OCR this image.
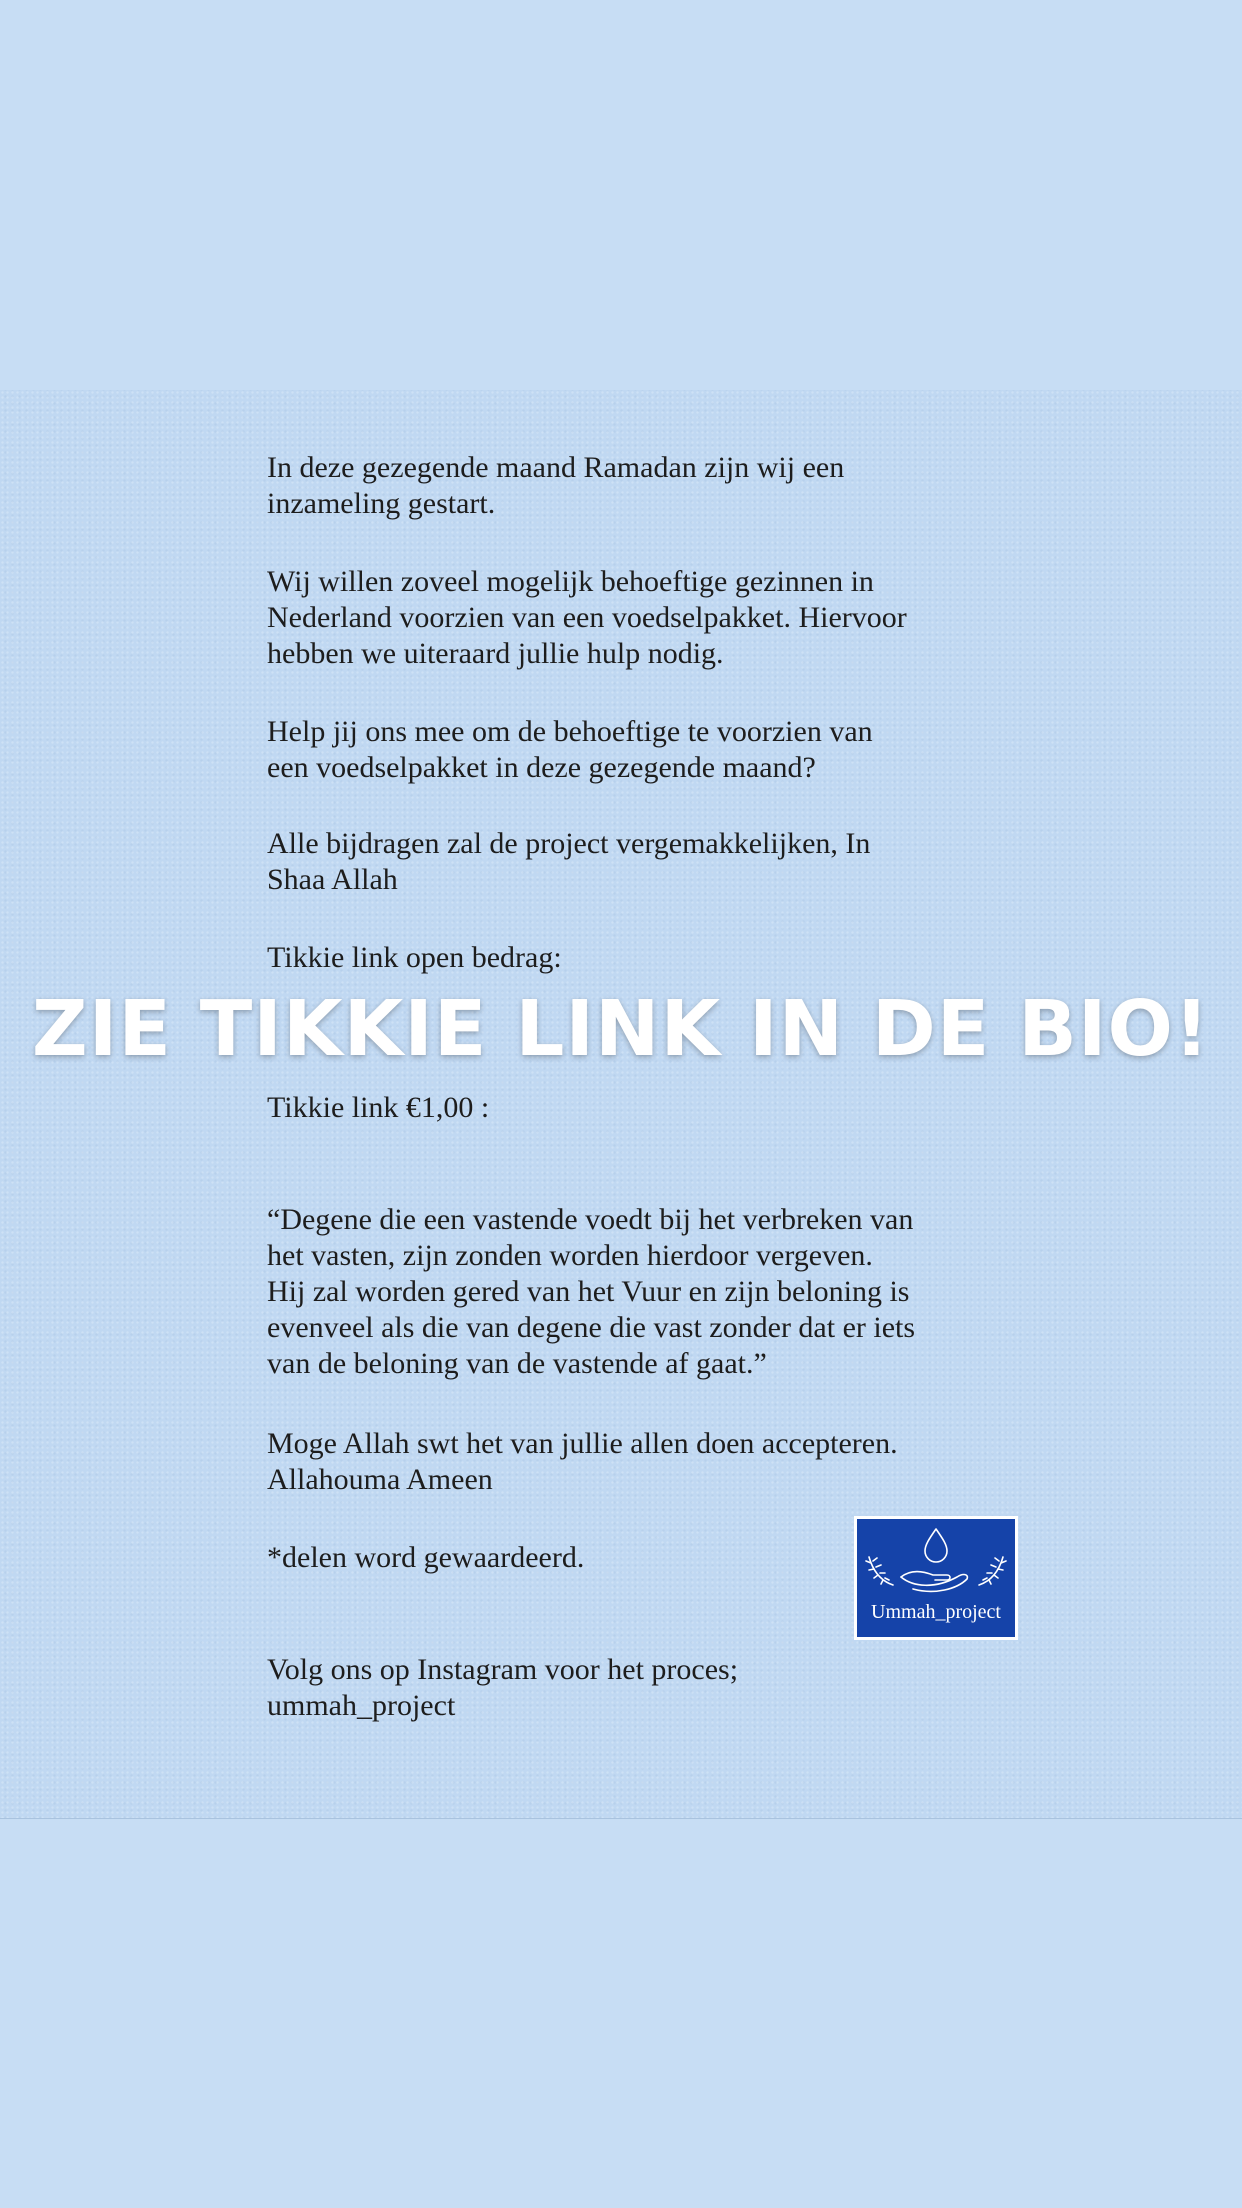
In deze gezegende maand Ramadan zijn wij een
inzameling gestart.

Wij willen zoveel mogelijk behoeftige gezinnen in
Nederland voorzien van een voedselpakket. Hiervoor
hebben we uiteraard jullie hulp nodig.

Help jij ons mee om de behoeftige te voorzien van
een voedselpakket in deze gezegende maand?

Alle bijdragen zal de project vergemakkelijken, In
Shaa Allah

Tikkie link open bedrag:

ZIE TIKKIE LINK IN DE BIO!

Tikkie link €1,00 :

“Degene die een vastende voedt bij het verbreken van
het vasten, zijn zonden worden hierdoor vergeven.
Hij zal worden gered van het Vuur en zijn beloning is
evenveel als die van degene die vast zonder dat er iets
van de beloning van de vastende af gaat.”

Moge Allah swt het van jullie allen doen accepteren.
Allahouma Ameen

*delen word gewaardeerd.

Volg ons op Instagram voor het proces;
ummah_project

Ummah_project
